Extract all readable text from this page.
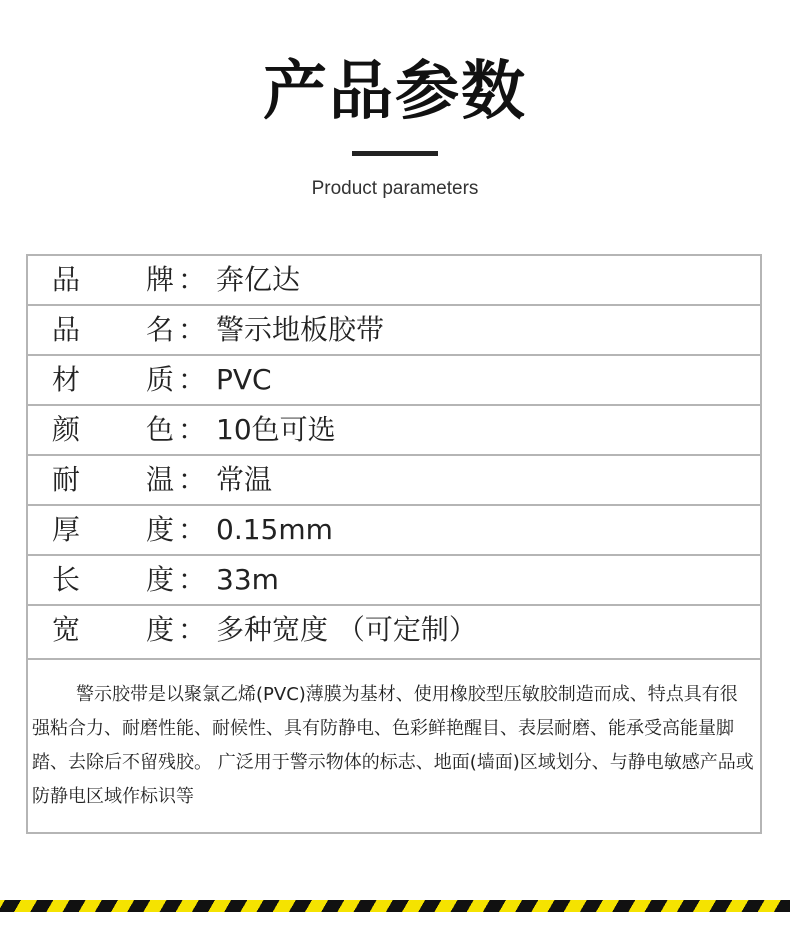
产品参数
Product parameters
品 牌 ： 奔亿达
品 名 ： 警示地板胶带
材 质 ： PVC
颜 色 ： 10色可选
耐 温 ： 常温
厚 度 ： 0.15mm
长 度 ： 33m
宽 度 ： 多种宽度 （可定制）
警示胶带是以聚氯乙烯(PVC)薄膜为基材、使用橡胶型压敏胶制造而成、特点具有很强粘合力、耐磨性能、耐候性、具有防静电、色彩鲜艳醒目、表层耐磨、能承受高能量脚踏、去除后不留残胶。 广泛用于警示物体的标志、地面(墙面)区域划分、与静电敏感产品或防静电区域作标识等
